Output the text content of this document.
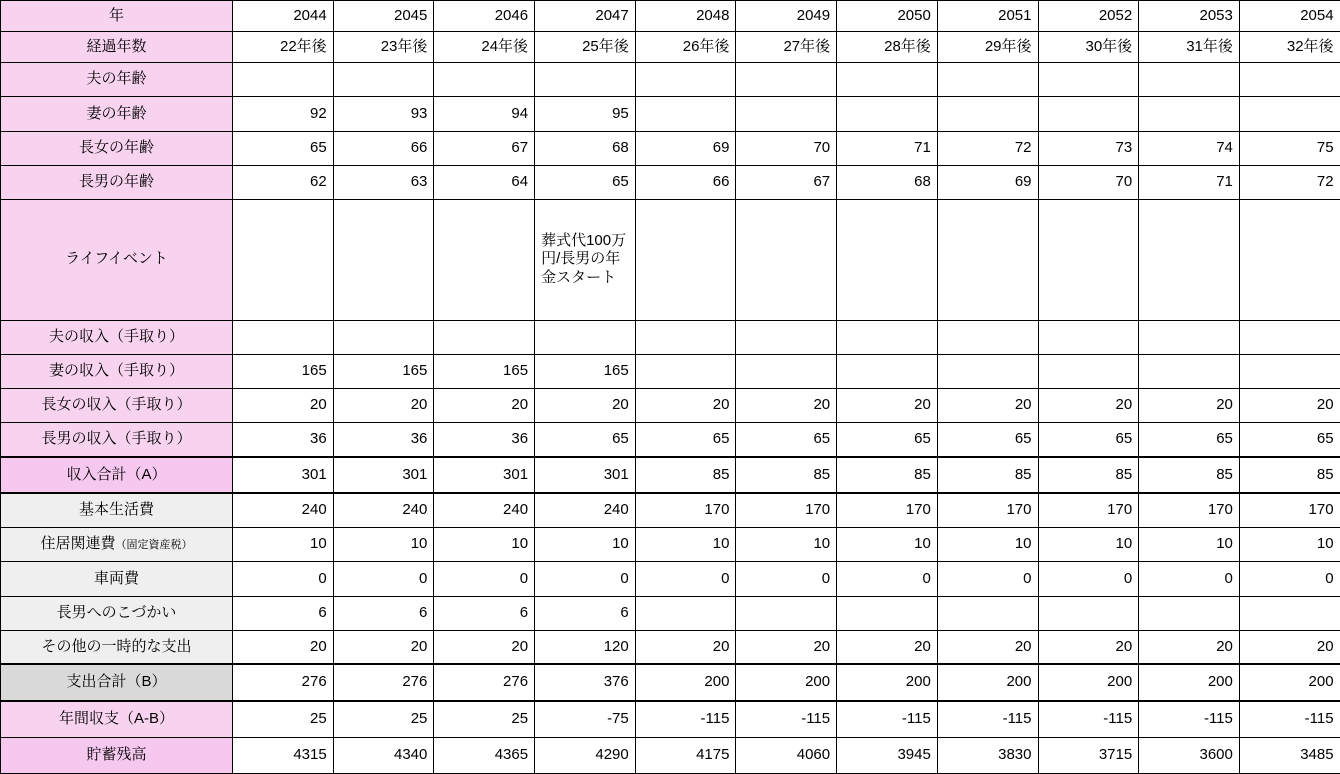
年	2044	2045	2046	2047	2048	2049	2050	2051	2052	2053	2054
経過年数	22年後	23年後	24年後	25年後	26年後	27年後	28年後	29年後	30年後	31年後	32年後
夫の年齢											
妻の年齢	92	93	94	95							
長女の年齢	65	66	67	68	69	70	71	72	73	74	75
長男の年齢	62	63	64	65	66	67	68	69	70	71	72
ライフイベント				葬式代100万円/長男の年金スタート							
夫の収入（手取り）											
妻の収入（手取り）	165	165	165	165							
長女の収入（手取り）	20	20	20	20	20	20	20	20	20	20	20
長男の収入（手取り）	36	36	36	65	65	65	65	65	65	65	65
収入合計（A）	301	301	301	301	85	85	85	85	85	85	85
基本生活費	240	240	240	240	170	170	170	170	170	170	170
住居関連費（固定資産税）	10	10	10	10	10	10	10	10	10	10	10
車両費	0	0	0	0	0	0	0	0	0	0	0
長男へのこづかい	6	6	6	6							
その他の一時的な支出	20	20	20	120	20	20	20	20	20	20	20
支出合計（B）	276	276	276	376	200	200	200	200	200	200	200
年間収支（A‐B）	25	25	25	-75	-115	-115	-115	-115	-115	-115	-115
貯蓄残高	4315	4340	4365	4290	4175	4060	3945	3830	3715	3600	3485
